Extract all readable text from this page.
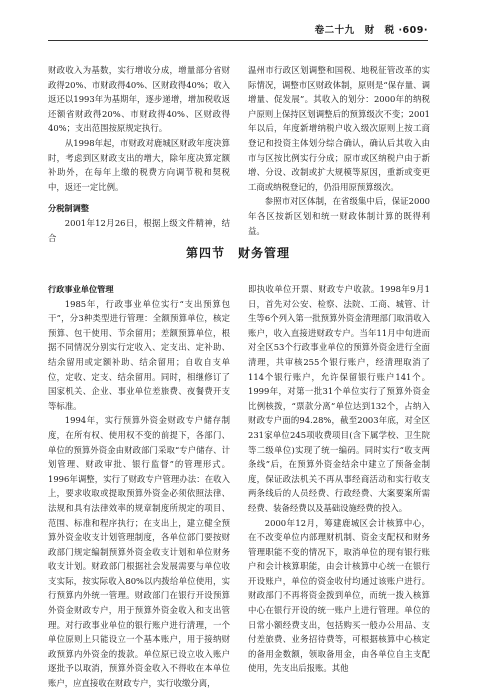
卷二十九　财　税 ·609·

财政收入为基数，实行增收分成，增量部分省财政得20%、市财政得40%、区财政得40%；收入返还以1993年为基期年，逐步递增，增加税收返还额省财政得20%、市财政得40%、区财政得40%；支出范围按原规定执行。

从1998年起，市财政对鹿城区财政年度决算时，考虑到区财政支出的增大，除年度决算定额补助外，在每年上缴的税费方向调节税和契税中，返还一定比例。

分税制调整

2001年12月26日，根据上级文件精神，结合

温州市行政区划调整和国税、地税征管改革的实际情况，调整市区财政体制，原则是“保存量、调增量、促发展”。其收入的划分：2000年的纳税户原则上保持区划调整后的预算级次不变；2001年以后，年度新增纳税户收入级次原则上按工商登记和投资主体划分综合确认，确认后其收入由市与区按比例实行分成；原市或区纳税户由于新增、分设、改制或扩大规模等原因，重新或变更工商或纳税登记的，仍沿用原预算级次。

参照市对区体制，在省级集中后，保证2000年各区按新区划和统一财政体制计算的既得利益。

第四节　财务管理

行政事业单位管理

1985年，行政事业单位实行“支出预算包干”，分3种类型进行管理：全额预算单位，核定预算、包干使用、节余留用；差额预算单位，根据不同情况分别实行定收入、定支出、定补助、结余留用或定额补助、结余留用；自收自支单位，定收、定支、结余留用。同时，相继修订了国家机关、企业、事业单位差旅费、夜餐费开支等标准。

1994年，实行预算外资金财政专户储存制度，在所有权、使用权不变的前提下，各部门、单位的预算外资金由财政部门采取“专户储存、计划管理、财政审批、银行监督”的管理形式。1996年调整，实行了财政专户管理办法：在收入上，要求收取或提取预算外资金必须依照法律、法规和具有法律效率的规章制度所规定的项目、范围、标准和程序执行；在支出上，建立健全预算外资金收支计划管理制度，各单位部门要按财政部门规定编制预算外资金收支计划和单位财务收支计划。财政部门根据社会发展需要与单位收支实际，按实际收入80%以内拨给单位使用，实行预算内外统一管理。财政部门在银行开设预算外资金财政专户，用于预算外资金收入和支出管理。对行政事业单位的银行账户进行清理，一个单位原则上只能设立一个基本账户，用于接纳财政预算内外资金的拨款。单位原已设立收入账户逐批予以取消，预算外资金收入不得收在本单位账户，应直接收在财政专户，实行收缴分离，

即执收单位开票、财政专户收款。1998年9月1日，首先对公安、检察、法院、工商、城管、计生等6个列入第一批预算外资金清理部门取消收入账户，收入直接进财政专户。当年11月中旬进而对全区53个行政事业单位的预算外资金进行全面清理，共审核255个银行账户，经清理取消了114个银行账户，允许保留银行账户141个。1999年，对第一批31个单位实行了预算外资金比例核拨，“票款分离”单位达到132个，占纳入财政专户面的94.28%，截至2003年底，对全区231家单位245项收费项目(含下属学校、卫生院等二级单位)实现了统一编码。同时实行“收支两条线”后，在预算外资金结余中建立了预备金制度，保证政法机关不再从事经商活动和实行收支两条线后的人员经费、行政经费、大案要案所需经费、装备经费以及基础设施经费的投入。

2000年12月，筹建鹿城区会计核算中心，在不改变单位内部理财机制、资金支配权和财务管理职能不变的情况下，取消单位的现有银行账户和会计核算职能，由会计核算中心统一在银行开设账户，单位的资金收付均通过该账户进行。财政部门不再将资金拨到单位，而统一拨入核算中心在银行开设的统一账户上进行管理。单位的日常小额经费支出，包括购买一般办公用品、支付差旅费、业务招待费等，可根据核算中心核定的备用金数额，领取备用金，由各单位自主支配使用，先支出后报账。其他
